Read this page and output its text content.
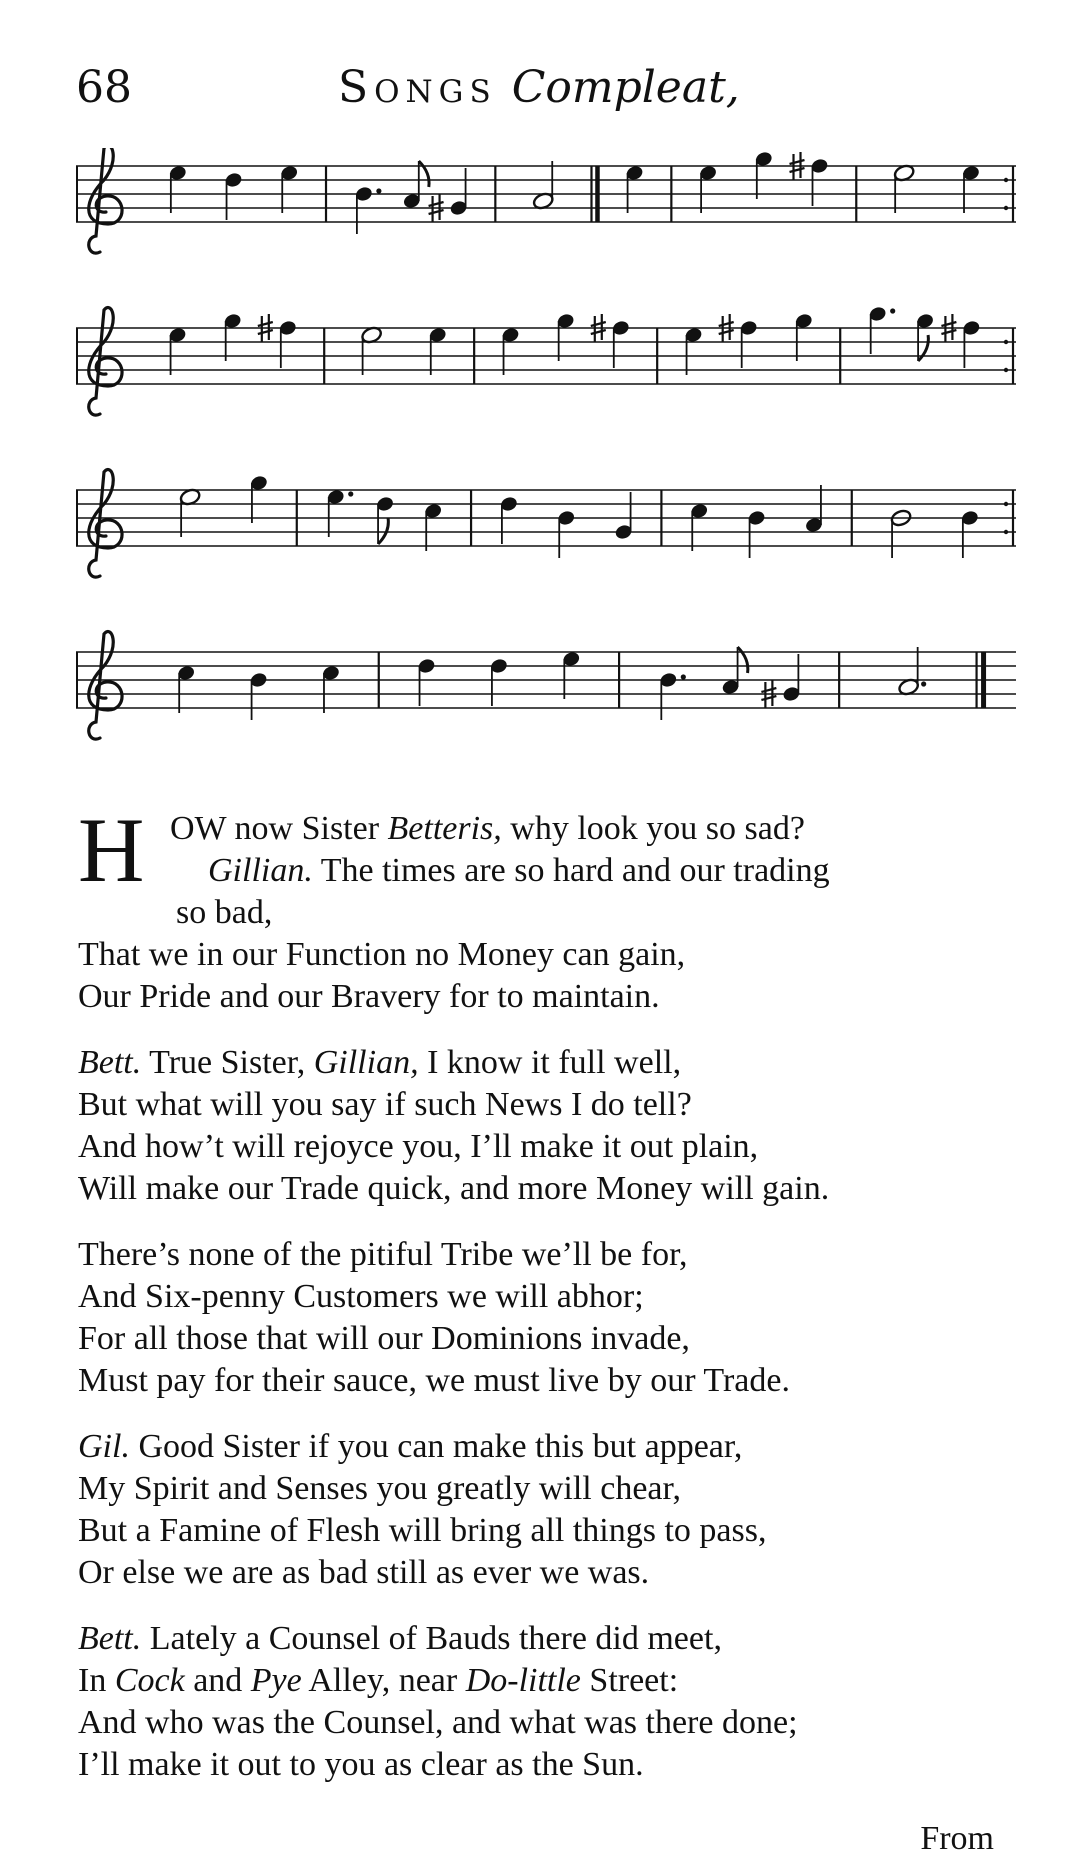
68	Songs Compleat,
H OW now Sister Betteris, why look you so sad?
Gillian. The times are so hard and our trading
so bad,
That we in our Function no Money can gain,
Our Pride and our Bravery for to maintain.
Bett. True Sister, Gillian, I know it full well,
But what will you say if such News I do tell?
And how’t will rejoyce you, I’ll make it out plain,
Will make our Trade quick, and more Money will gain.
There’s none of the pitiful Tribe we’ll be for,
And Six-penny Customers we will abhor;
For all those that will our Dominions invade,
Must pay for their sauce, we must live by our Trade.
Gil. Good Sister if you can make this but appear,
My Spirit and Senses you greatly will chear,
But a Famine of Flesh will bring all things to pass,
Or else we are as bad still as ever we was.
Bett. Lately a Counsel of Bauds there did meet,
In Cock and Pye Alley, near Do-little Street:
And who was the Counsel, and what was there done;
I’ll make it out to you as clear as the Sun.
From
